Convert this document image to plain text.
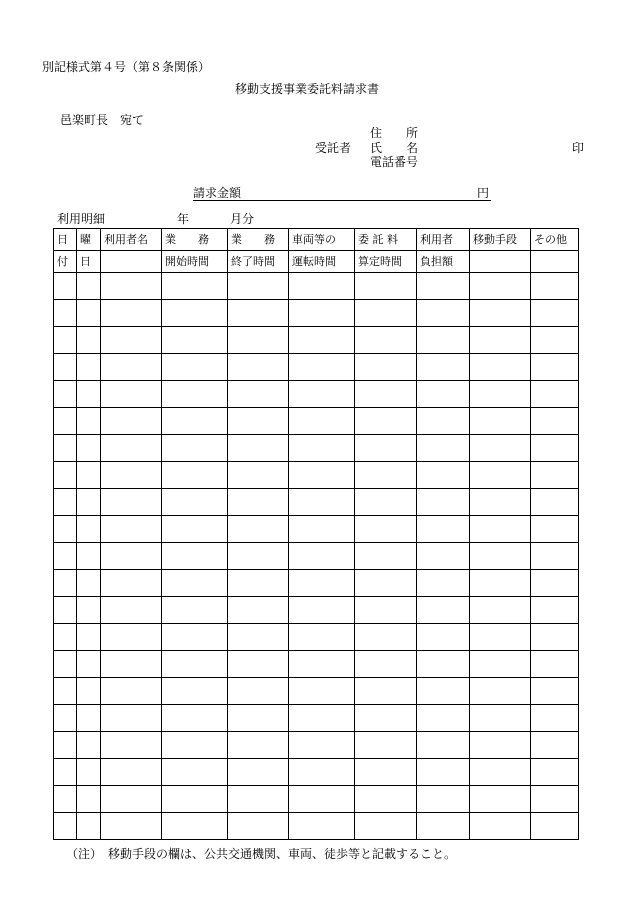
別記様式第４号（第８条関係）
移動支援事業委託料請求書
邑楽町長　宛て
住　　所
受託者 氏　　名	印
電話番号
請求金額	円
利用明細	年	月分
日	曜	利用者名	業　　務	業　　務	車両等の	委 託 料	利用者	移動手段	その他
付	日		開始時間	終了時間	運転時間	算定時間	負担額		

（注）　移動手段の欄は、公共交通機関、車両、徒歩等と記載すること。
